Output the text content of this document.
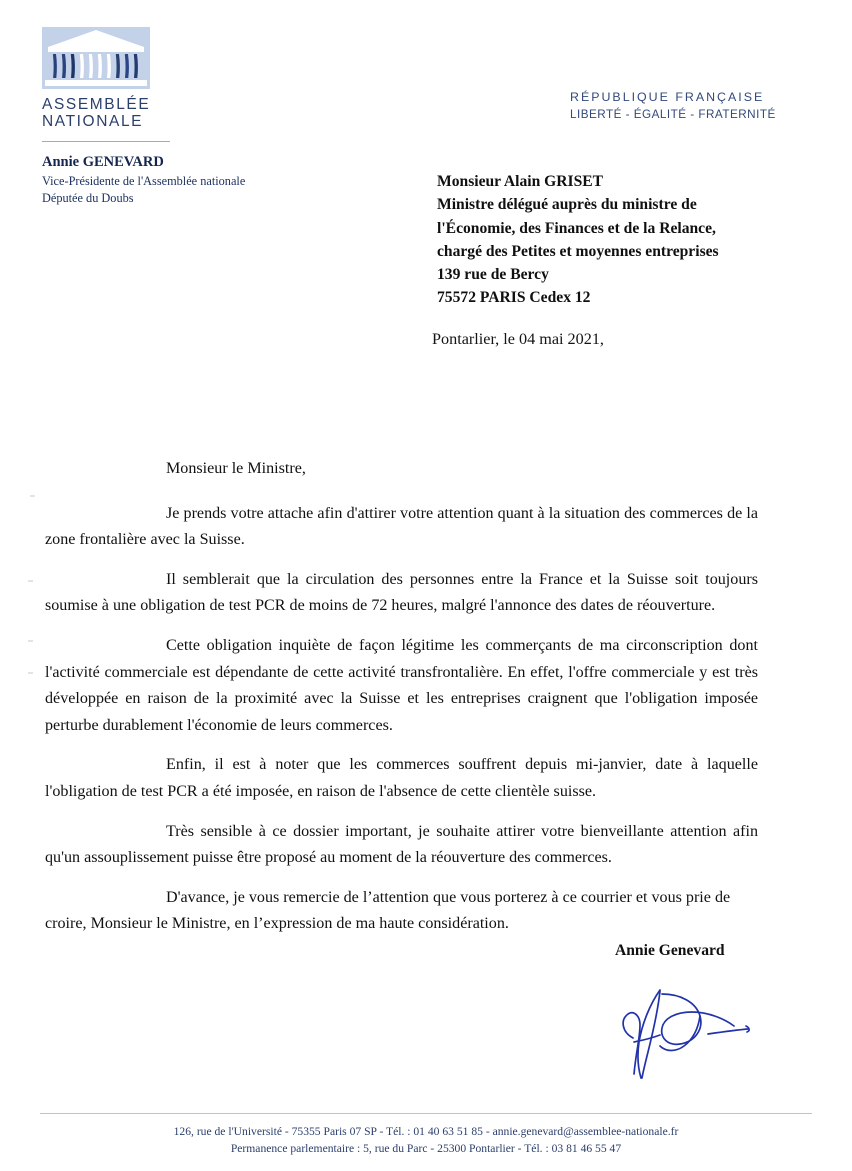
ASSEMBLÉE
NATIONALE
Annie GENEVARD
Vice-Présidente de l'Assemblée nationale
Députée du Doubs
RÉPUBLIQUE FRANÇAISE
LIBERTÉ - ÉGALITÉ - FRATERNITÉ
Monsieur Alain GRISET
Ministre délégué auprès du ministre de
l'Économie, des Finances et de la Relance,
chargé des Petites et moyennes entreprises
139 rue de Bercy
75572 PARIS Cedex 12
Pontarlier, le 04 mai 2021,

Monsieur le Ministre,

Je prends votre attache afin d'attirer votre attention quant à la situation des commerces de la zone frontalière avec la Suisse.

Il semblerait que la circulation des personnes entre la France et la Suisse soit toujours soumise à une obligation de test PCR de moins de 72 heures, malgré l'annonce des dates de réouverture.

Cette obligation inquiète de façon légitime les commerçants de ma circonscription dont l'activité commerciale est dépendante de cette activité transfrontalière. En effet, l'offre commerciale y est très développée en raison de la proximité avec la Suisse et les entreprises craignent que l'obligation imposée perturbe durablement l'économie de leurs commerces.

Enfin, il est à noter que les commerces souffrent depuis mi-janvier, date à laquelle l'obligation de test PCR a été imposée, en raison de l'absence de cette clientèle suisse.

Très sensible à ce dossier important, je souhaite attirer votre bienveillante attention afin qu'un assouplissement puisse être proposé au moment de la réouverture des commerces.

D'avance, je vous remercie de l’attention que vous porterez à ce courrier et vous prie de croire, Monsieur le Ministre, en l’expression de ma haute considération.

Annie Genevard
126, rue de l'Université - 75355 Paris 07 SP - Tél. : 01 40 63 51 85 - annie.genevard@assemblee-nationale.fr
Permanence parlementaire : 5, rue du Parc - 25300 Pontarlier - Tél. : 03 81 46 55 47
